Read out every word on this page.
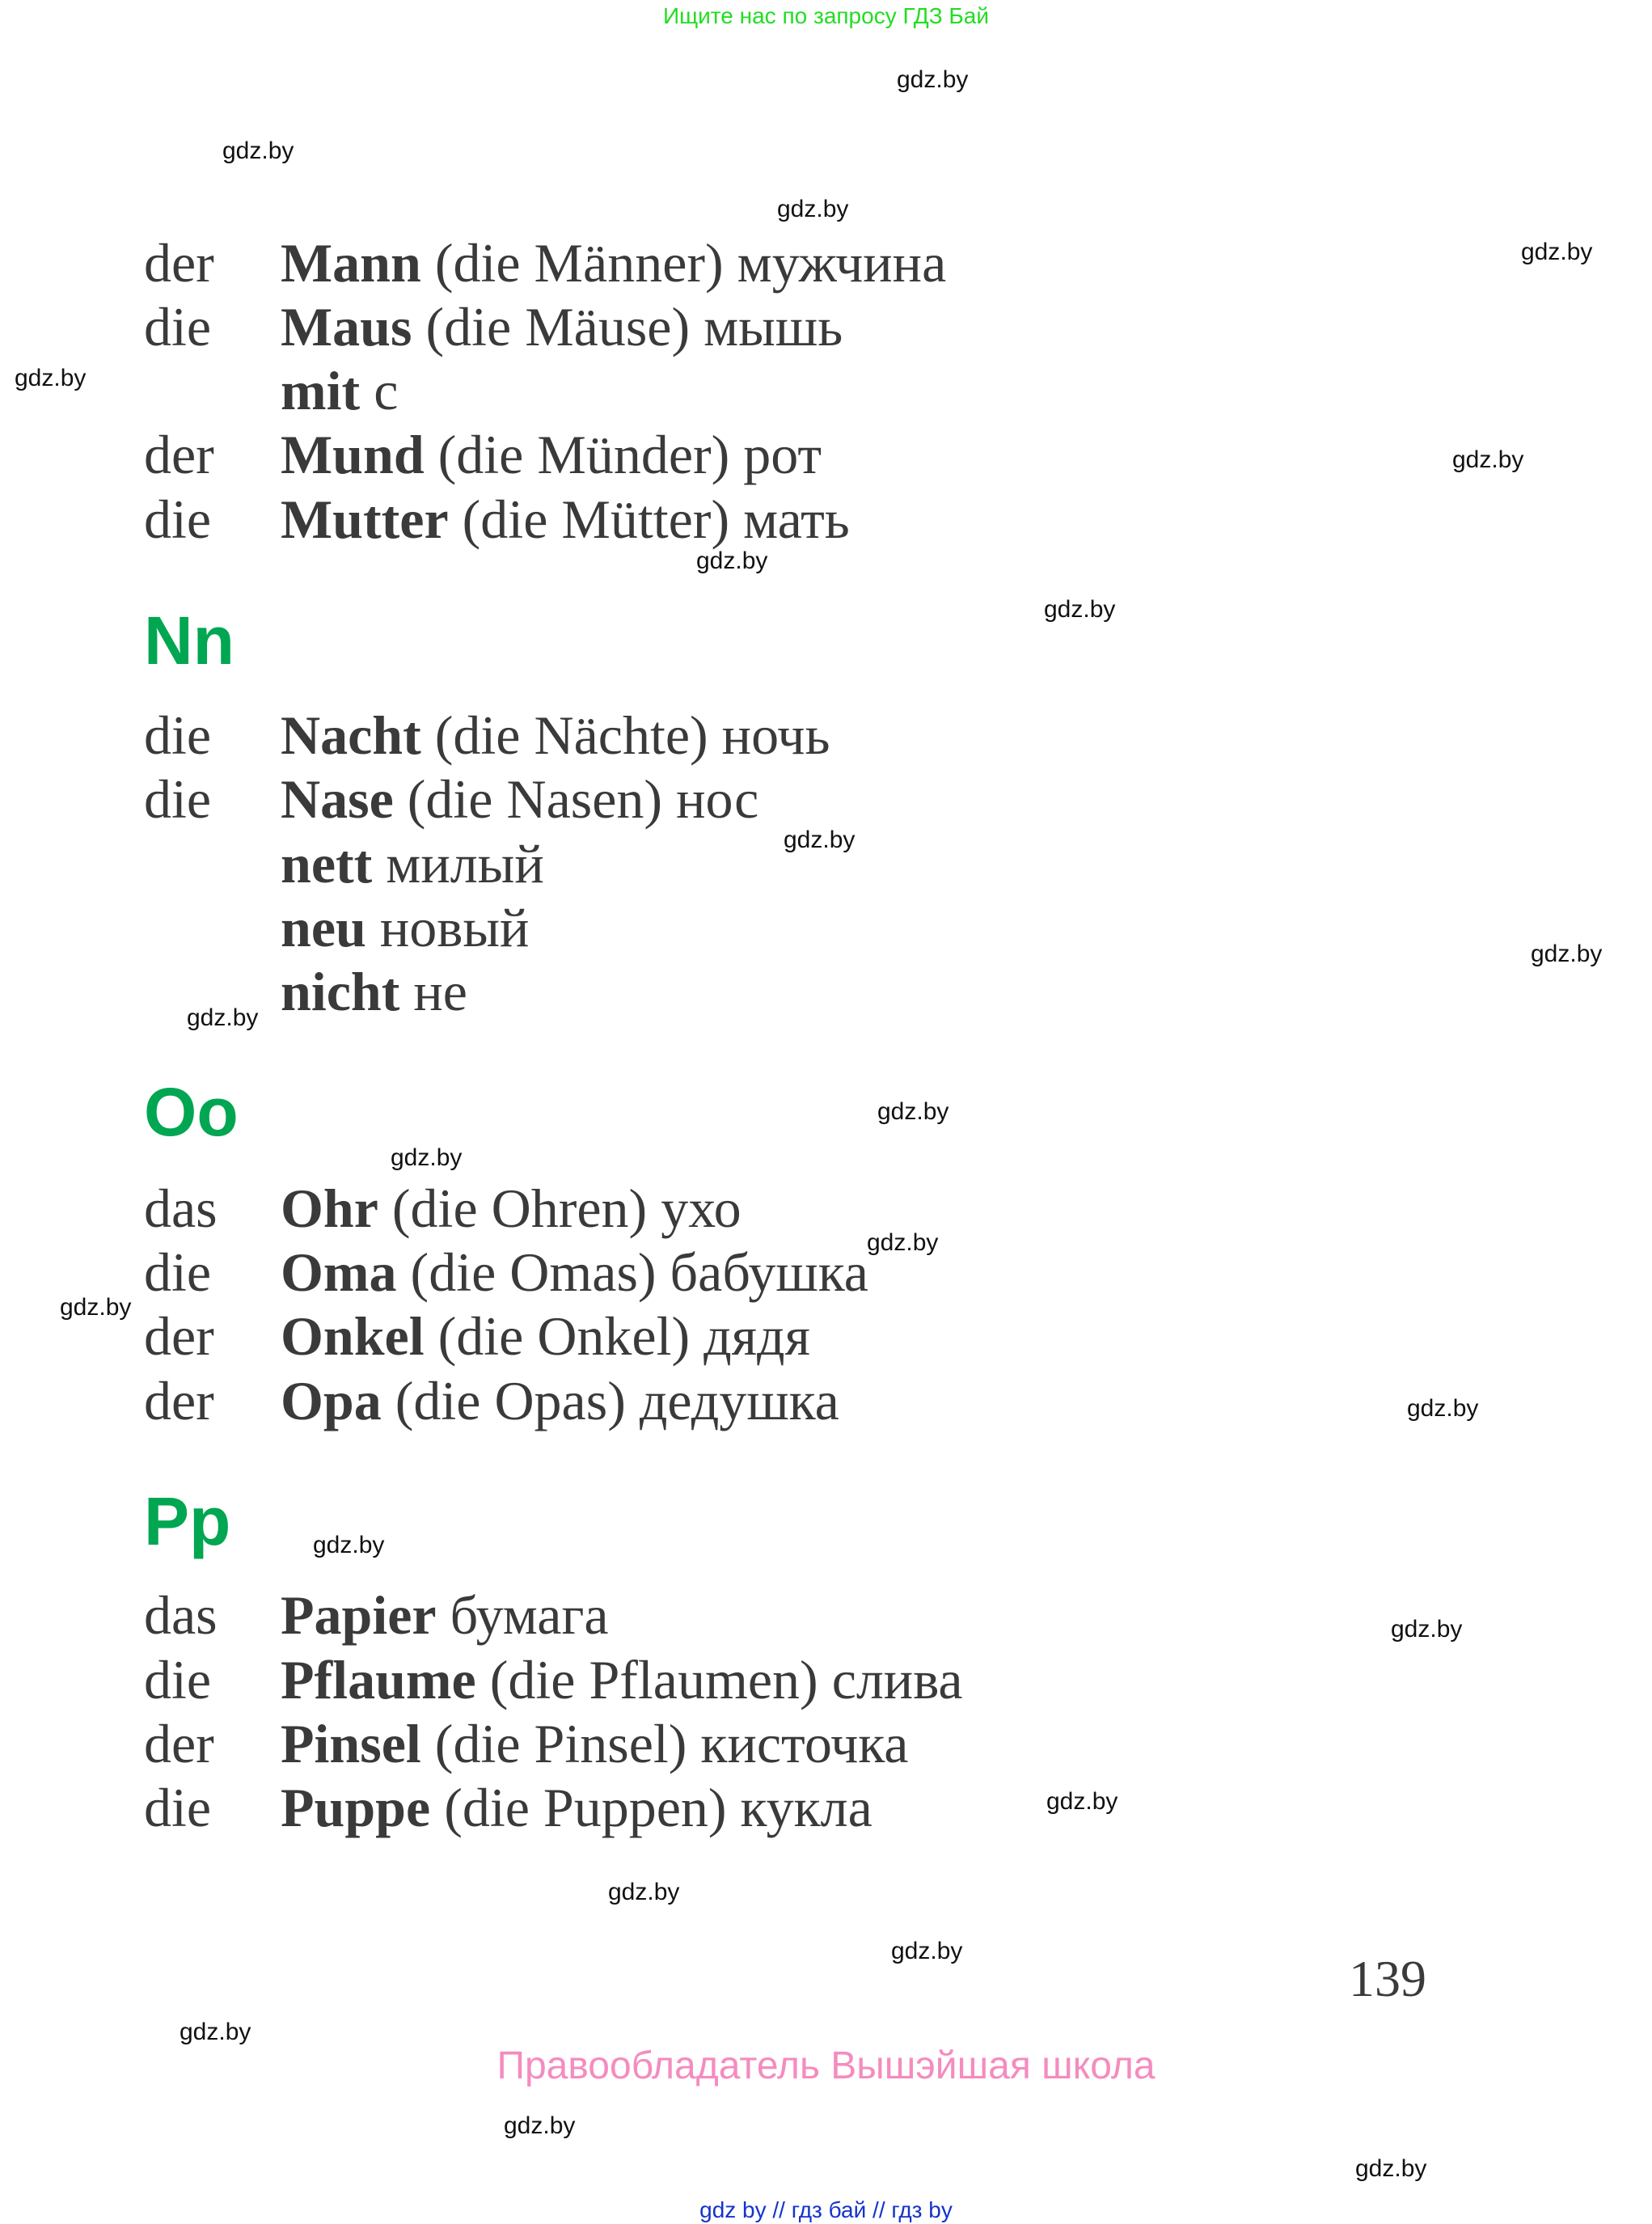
Ищите нас по запросу ГДЗ Бай
der Mann (die Männer) мужчина
die Maus (die Mäuse) мышь
mit с
der Mund (die Münder) рот
die Mutter (die Mütter) мать
Nn
die Nacht (die Nächte) ночь
die Nase (die Nasen) нос
nett милый
neu новый
nicht не
Oo
das Ohr (die Ohren) ухо
die Oma (die Omas) бабушка
der Onkel (die Onkel) дядя
der Opa (die Opas) дедушка
Pp
das Papier бумага
die Pflaume (die Pflaumen) слива
der Pinsel (die Pinsel) кисточка
die Puppe (die Puppen) кукла
139
Правообладатель Вышэйшая школа
gdz by // гдз бай // гдз by
gdz.by
gdz.by
gdz.by
gdz.by
gdz.by
gdz.by
gdz.by
gdz.by
gdz.by
gdz.by
gdz.by
gdz.by
gdz.by
gdz.by
gdz.by
gdz.by
gdz.by
gdz.by
gdz.by
gdz.by
gdz.by
gdz.by
gdz.by
gdz.by
